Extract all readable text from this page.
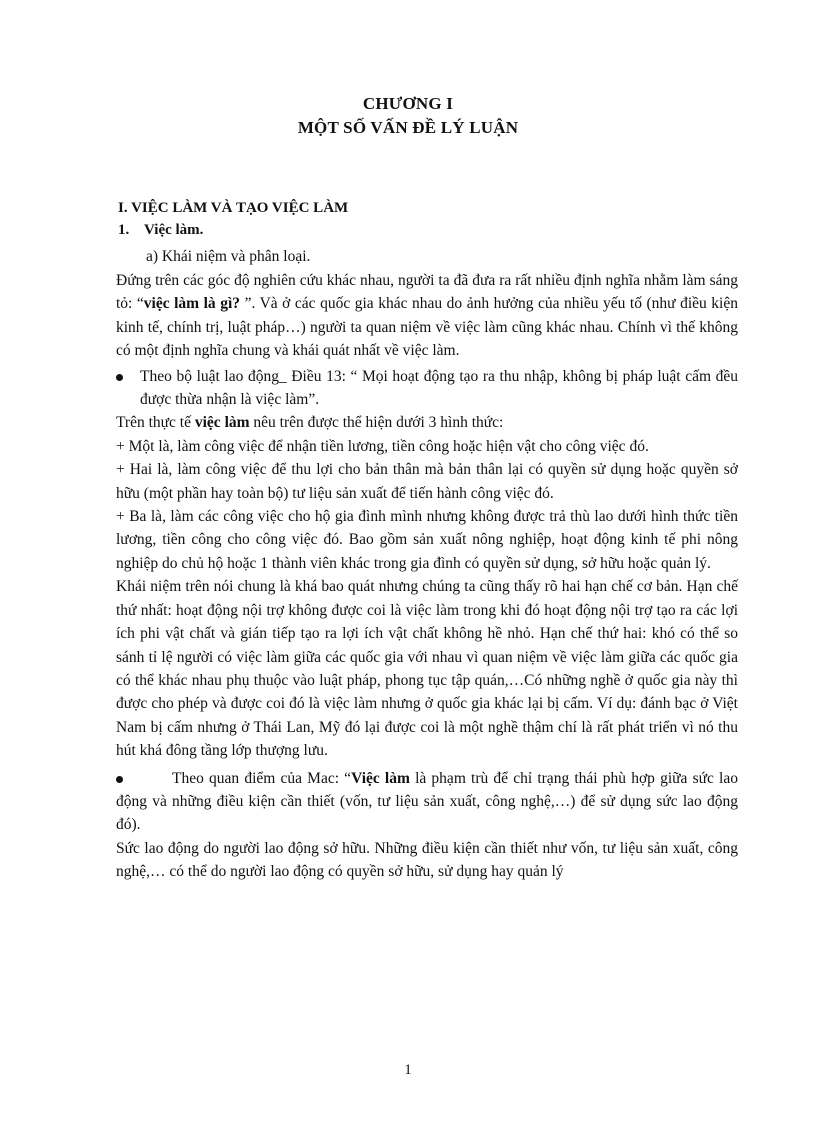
CHƯƠNG I
MỘT SỐ VẤN ĐỀ LÝ LUẬN
I. VIỆC LÀM VÀ TẠO VIỆC LÀM
1. Việc làm.
a) Khái niệm và phân loại.

Đứng trên các góc độ nghiên cứu khác nhau, người ta đã đưa ra rất nhiều định nghĩa nhằm làm sáng tỏ: “việc làm là gì? ”. Và ở các quốc gia khác nhau do ảnh hưởng của nhiều yếu tố (như điều kiện kinh tế, chính trị, luật pháp…) người ta quan niệm về việc làm cũng khác nhau. Chính vì thế không có một định nghĩa chung và khái quát nhất về việc làm.

Theo bộ luật lao động_ Điều 13: “ Mọi hoạt động tạo ra thu nhập, không bị pháp luật cấm đều được thừa nhận là việc làm”.

Trên thực tế việc làm nêu trên được thể hiện dưới 3 hình thức:

+ Một là, làm công việc để nhận tiền lương, tiền công hoặc hiện vật cho công việc đó.

+ Hai là, làm công việc để thu lợi cho bản thân mà bản thân lại có quyền sử dụng hoặc quyền sở hữu (một phần hay toàn bộ) tư liệu sản xuất để tiến hành công việc đó.

+ Ba là, làm các công việc cho hộ gia đình mình nhưng không được trả thù lao dưới hình thức tiền lương, tiền công cho công việc đó. Bao gồm sản xuất nông nghiệp, hoạt động kinh tế phi nông nghiệp do chủ hộ hoặc 1 thành viên khác trong gia đình có quyền sử dụng, sở hữu hoặc quản lý.

Khái niệm trên nói chung là khá bao quát nhưng chúng ta cũng thấy rõ hai hạn chế cơ bản. Hạn chế thứ nhất: hoạt động nội trợ không được coi là việc làm trong khi đó hoạt động nội trợ tạo ra các lợi ích phi vật chất và gián tiếp tạo ra lợi ích vật chất không hề nhỏ. Hạn chế thứ hai: khó có thể so sánh tỉ lệ người có việc làm giữa các quốc gia với nhau vì quan niệm về việc làm giữa các quốc gia có thể khác nhau phụ thuộc vào luật pháp, phong tục tập quán,…Có những nghề ở quốc gia này thì được cho phép và được coi đó là việc làm nhưng ở quốc gia khác lại bị cấm. Ví dụ: đánh bạc ở Việt Nam bị cấm nhưng ở Thái Lan, Mỹ đó lại được coi là một nghề thậm chí là rất phát triển vì nó thu hút khá đông tầng lớp thượng lưu.

Theo quan điểm của Mac: “Việc làm là phạm trù để chỉ trạng thái phù hợp giữa sức lao động và những điều kiện cần thiết (vốn, tư liệu sản xuất, công nghệ,…) để sử dụng sức lao động đó).

Sức lao động do người lao động sở hữu. Những điều kiện cần thiết như vốn, tư liệu sản xuất, công nghệ,… có thể do người lao động có quyền sở hữu, sử dụng hay quản lý

1
